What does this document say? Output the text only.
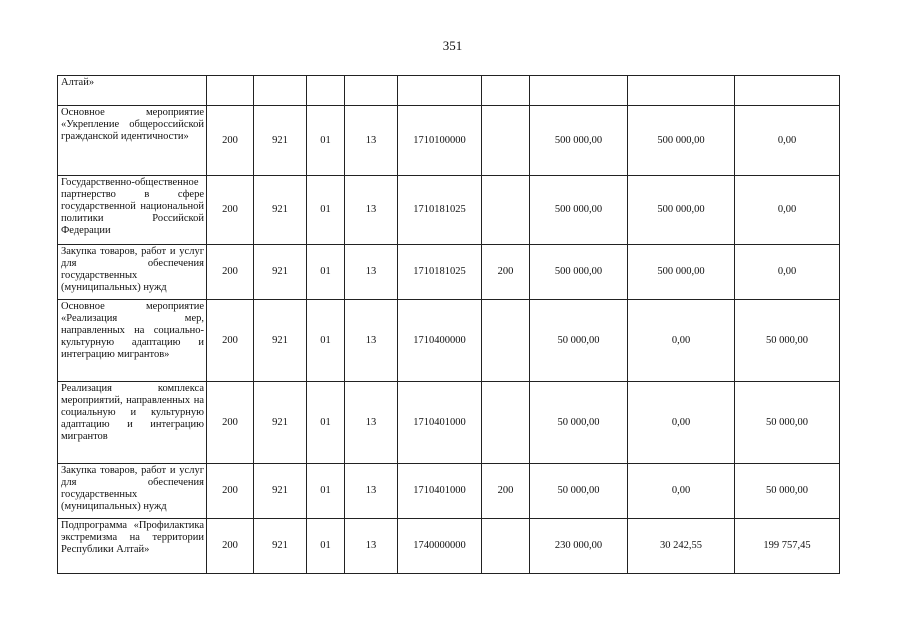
351
Алтай»									
Основное мероприятие «Укрепление общероссийской гражданской идентичности»	200	921	01	13	1710100000		500 000,00	500 000,00	0,00
Государственно-общественное партнерство в сфере государственной национальной политики Российской Федерации	200	921	01	13	1710181025		500 000,00	500 000,00	0,00
Закупка товаров, работ и услуг для обеспечения государственных (муниципальных) нужд	200	921	01	13	1710181025	200	500 000,00	500 000,00	0,00
Основное мероприятие «Реализация мер, направленных на социально-культурную адаптацию и интеграцию мигрантов»	200	921	01	13	1710400000		50 000,00	0,00	50 000,00
Реализация комплекса мероприятий, направленных на социальную и культурную адаптацию и интеграцию мигрантов	200	921	01	13	1710401000		50 000,00	0,00	50 000,00
Закупка товаров, работ и услуг для обеспечения государственных (муниципальных) нужд	200	921	01	13	1710401000	200	50 000,00	0,00	50 000,00
Подпрограмма «Профилактика экстремизма на территории Республики Алтай»	200	921	01	13	1740000000		230 000,00	30 242,55	199 757,45
